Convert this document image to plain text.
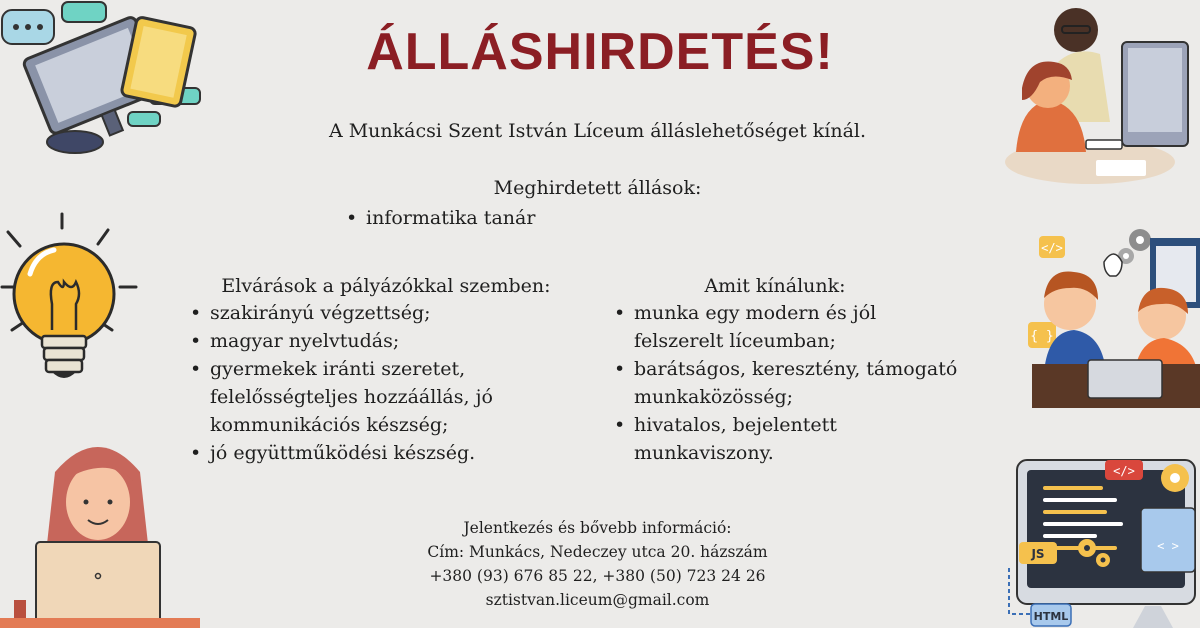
ÁLLÁSHIRDETÉS!
A Munkácsi Szent István Líceum álláslehetőséget kínál.
Meghirdetett állások:
• informatika tanár
Elvárások a pályázókkal szemben:
• szakirányú végzettség;
• magyar nyelvtudás;
• gyermekek iránti szeretet, felelősségteljes hozzáállás, jó kommunikációs készség;
• jó együttműködési készség.
Amit kínálunk:
• munka egy modern és jól felszerelt líceumban;
• barátságos, keresztény, támogató munkaközösség;
• hivatalos, bejelentett munkaviszony.
Jelentkezés és bővebb információ:
Cím: Munkács, Nedeczey utca 20. házszám
+380 (93) 676 85 22, +380 (50) 723 24 26
sztistvan.liceum@gmail.com
</>
{ }
</>
< >
JS
HTML
